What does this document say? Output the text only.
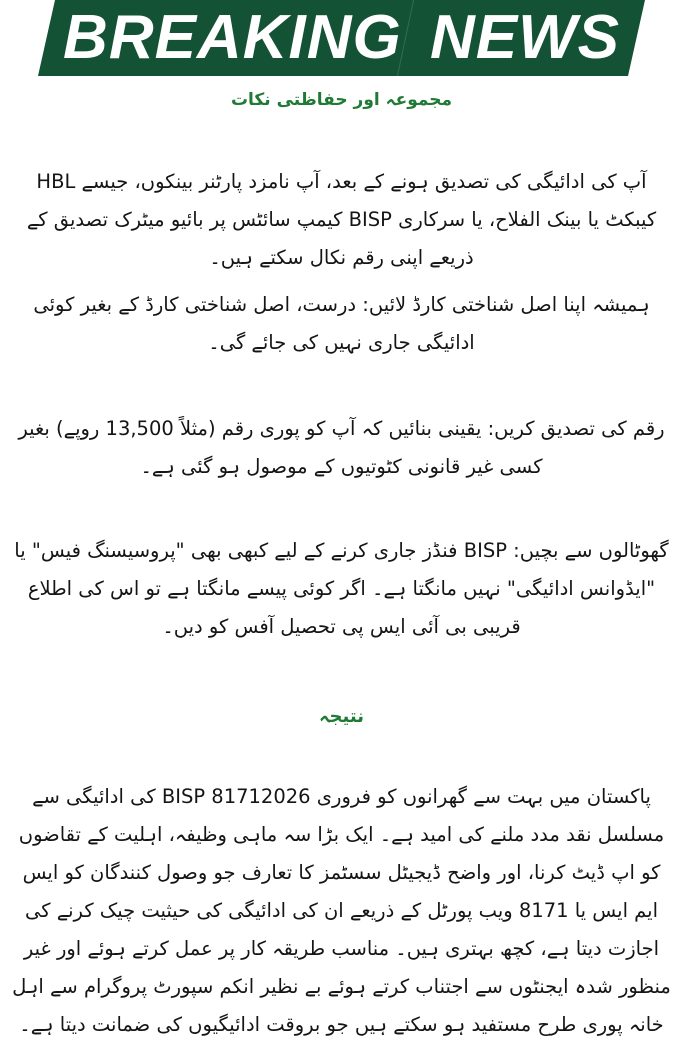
BREAKING NEWS
مجموعہ اور حفاظتی نکات
آپ کی ادائیگی کی تصدیق ہونے کے بعد، آپ نامزد پارٹنر بینکوں، جیسے HBL کیبکٹ یا بینک الفلاح، یا سرکاری BISP کیمپ سائٹس پر بائیو میٹرک تصدیق کے ذریعے اپنی رقم نکال سکتے ہیں۔
ہمیشہ اپنا اصل شناختی کارڈ لائیں: درست، اصل شناختی کارڈ کے بغیر کوئی ادائیگی جاری نہیں کی جائے گی۔
رقم کی تصدیق کریں: یقینی بنائیں کہ آپ کو پوری رقم (مثلاً 13,500 روپے) بغیر کسی غیر قانونی کٹوتیوں کے موصول ہو گئی ہے۔
گھوٹالوں سے بچیں: BISP فنڈز جاری کرنے کے لیے کبھی بھی "پروسیسنگ فیس" یا "ایڈوانس ادائیگی" نہیں مانگتا ہے۔ اگر کوئی پیسے مانگتا ہے تو اس کی اطلاع قریبی بی آئی ایس پی تحصیل آفس کو دیں۔
نتیجہ
پاکستان میں بہت سے گھرانوں کو فروری BISP 81712026 کی ادائیگی سے مسلسل نقد مدد ملنے کی امید ہے۔ ایک بڑا سہ ماہی وظیفہ، اہلیت کے تقاضوں کو اپ ڈیٹ کرنا، اور واضح ڈیجیٹل سسٹمز کا تعارف جو وصول کنندگان کو ایس ایم ایس یا 8171 ویب پورٹل کے ذریعے ان کی ادائیگی کی حیثیت چیک کرنے کی اجازت دیتا ہے، کچھ بہتری ہیں۔ مناسب طریقہ کار پر عمل کرتے ہوئے اور غیر منظور شدہ ایجنٹوں سے اجتناب کرتے ہوئے بے نظیر انکم سپورٹ پروگرام سے اہل خانہ پوری طرح مستفید ہو سکتے ہیں جو بروقت ادائیگیوں کی ضمانت دیتا ہے۔
